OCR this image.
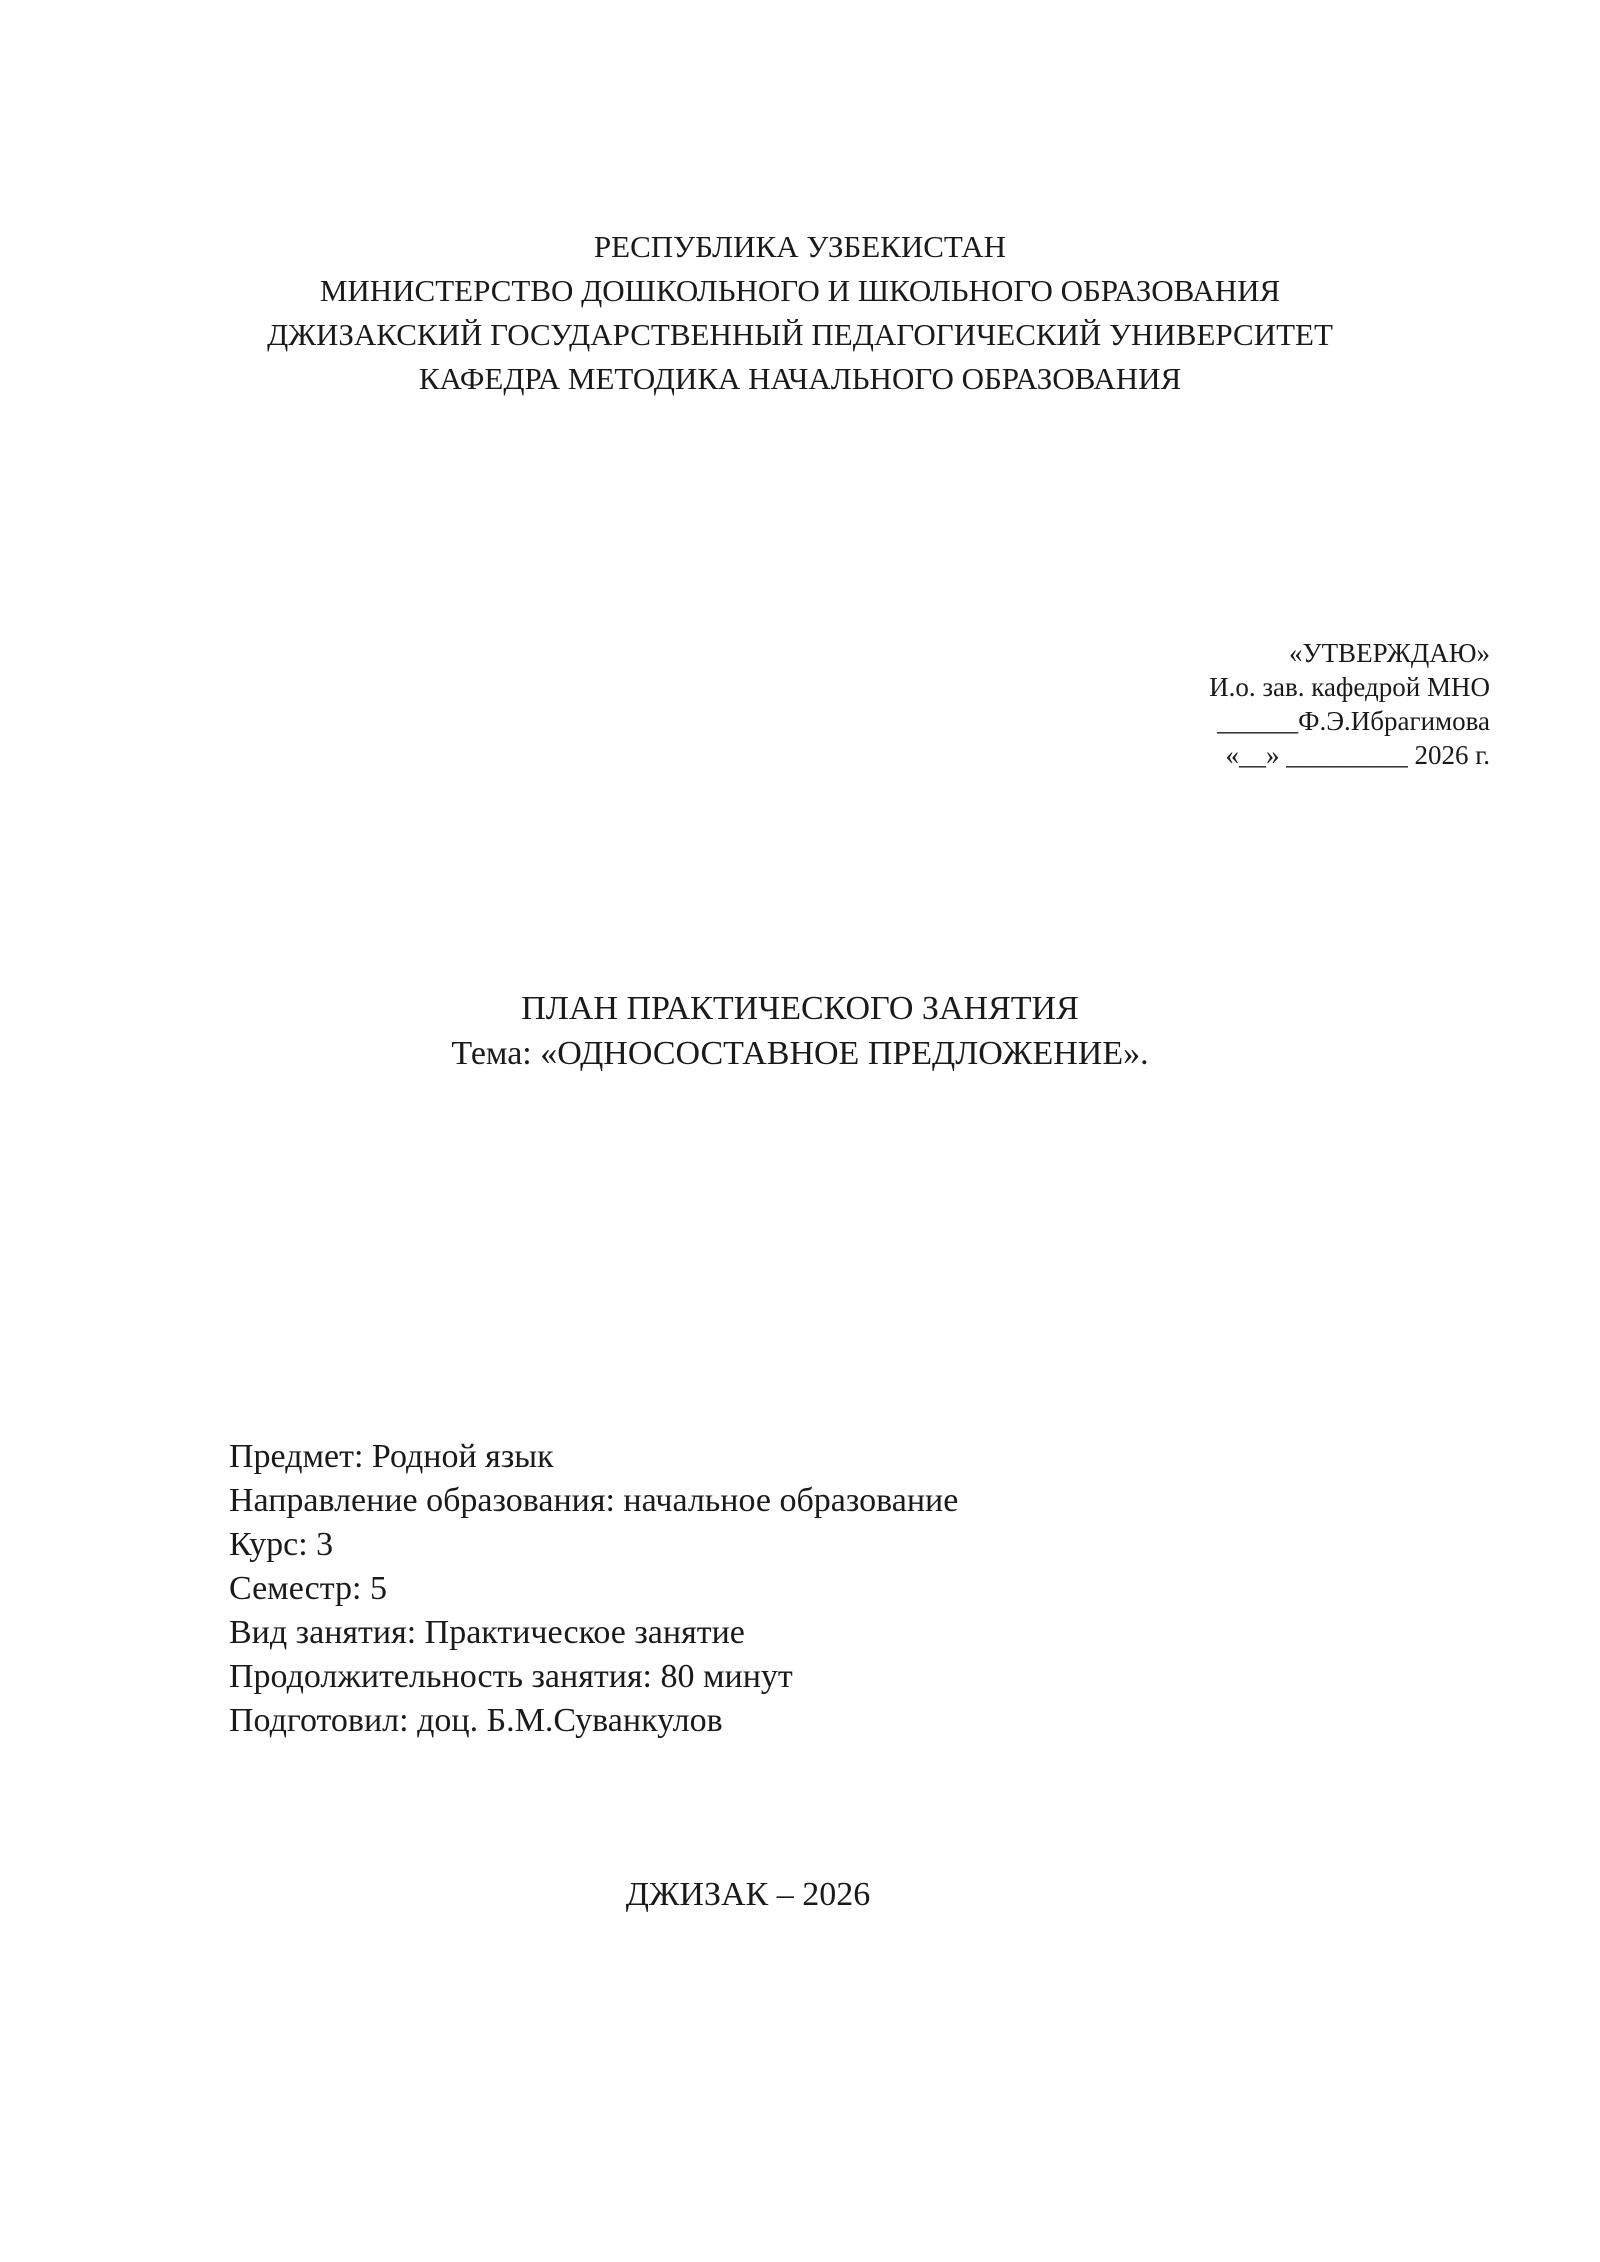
РЕСПУБЛИКА УЗБЕКИСТАН
МИНИСТЕРСТВО ДОШКОЛЬНОГО И ШКОЛЬНОГО ОБРАЗОВАНИЯ
ДЖИЗАКСКИЙ ГОСУДАРСТВЕННЫЙ ПЕДАГОГИЧЕСКИЙ УНИВЕРСИТЕТ
КАФЕДРА МЕТОДИКА НАЧАЛЬНОГО ОБРАЗОВАНИЯ
«УТВЕРЖДАЮ»
И.о. зав. кафедрой МНО
______Ф.Э.Ибрагимова
«__» _________ 2026 г.
ПЛАН ПРАКТИЧЕСКОГО ЗАНЯТИЯ
Тема: «ОДНОСОСТАВНОЕ ПРЕДЛОЖЕНИЕ».
Предмет: Родной язык
Направление образования: начальное образование
Курс: 3
Семестр: 5
Вид занятия: Практическое занятие
Продолжительность занятия: 80 минут
Подготовил: доц. Б.М.Суванкулов
ДЖИЗАК – 2026
